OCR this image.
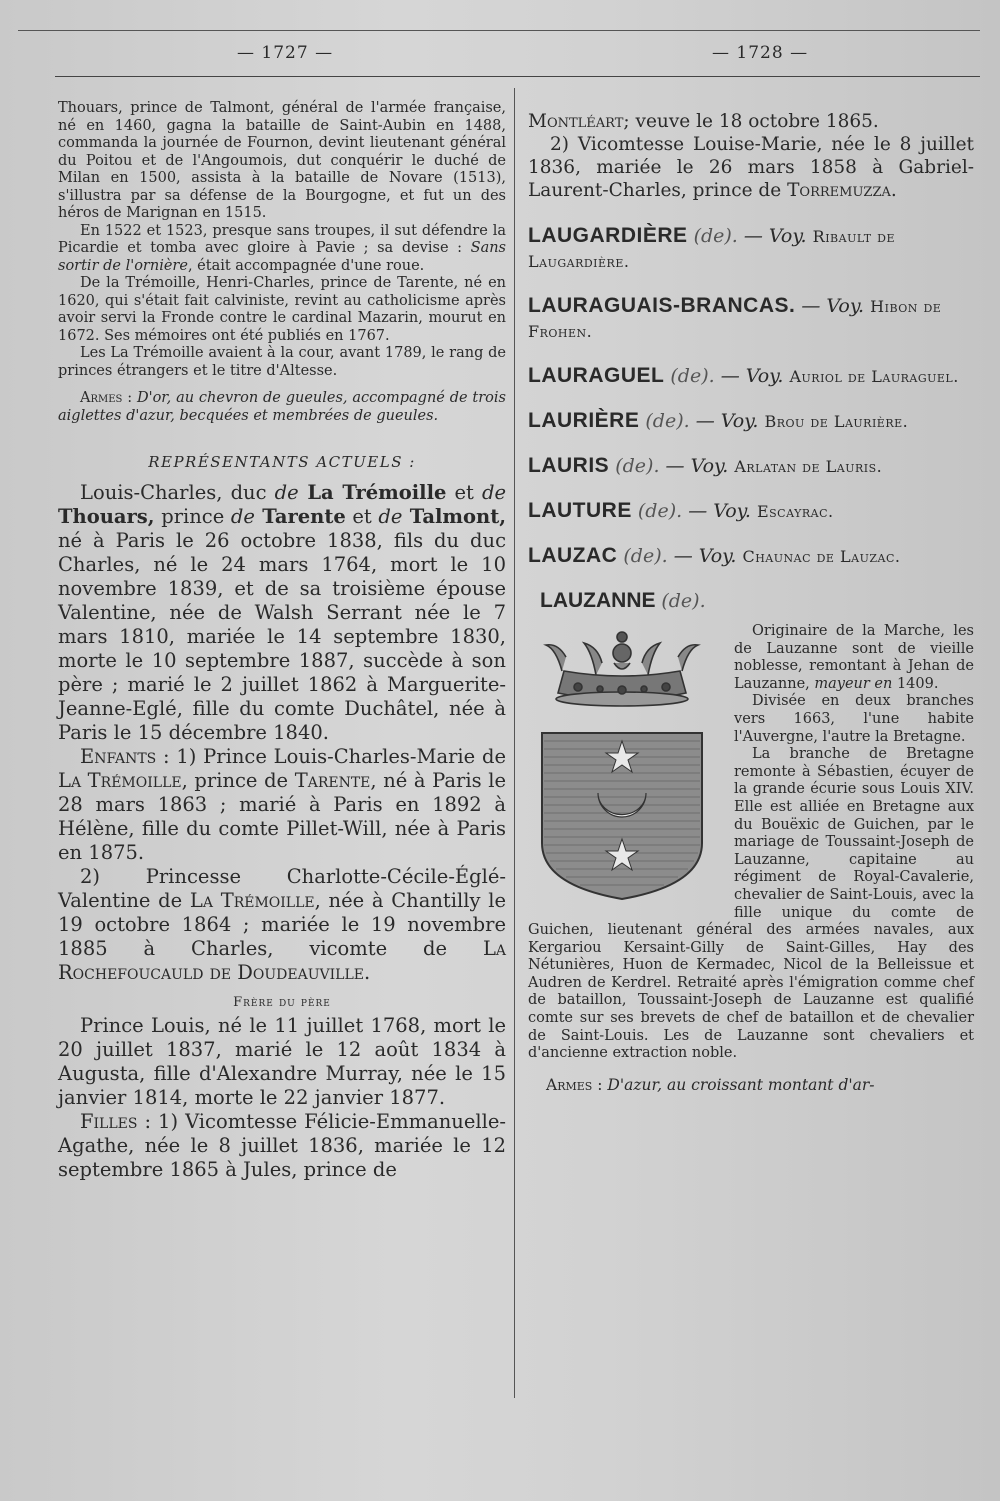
— 1727 —	— 1728 —

Thouars, prince de Talmont, général de l'armée française, né en 1460, gagna la bataille de Saint-Aubin en 1488, commanda la journée de Fournon, devint lieutenant général du Poitou et de l'Angoumois, dut conquérir le duché de Milan en 1500, assista à la bataille de Novare (1513), s'illustra par sa défense de la Bourgogne, et fut un des héros de Marignan en 1515.

En 1522 et 1523, presque sans troupes, il sut défendre la Picardie et tomba avec gloire à Pavie ; sa devise : Sans sortir de l'ornière, était accompagnée d'une roue.

De la Trémoille, Henri-Charles, prince de Tarente, né en 1620, qui s'était fait calviniste, revint au catholicisme après avoir servi la Fronde contre le cardinal Mazarin, mourut en 1672. Ses mémoires ont été publiés en 1767.

Les La Trémoille avaient à la cour, avant 1789, le rang de princes étrangers et le titre d'Altesse.

Armes : D'or, au chevron de gueules, accompagné de trois aiglettes d'azur, becquées et membrées de gueules.

REPRÉSENTANTS ACTUELS :

Louis-Charles, duc de La Trémoille et de Thouars, prince de Tarente et de Talmont, né à Paris le 26 octobre 1838, fils du duc Charles, né le 24 mars 1764, mort le 10 novembre 1839, et de sa troisième épouse Valentine, née de Walsh Serrant née le 7 mars 1810, mariée le 14 septembre 1830, morte le 10 septembre 1887, succède à son père ; marié le 2 juillet 1862 à Marguerite-Jeanne-Eglé, fille du comte Duchâtel, née à Paris le 15 décembre 1840.

Enfants : 1) Prince Louis-Charles-Marie de La Trémoille, prince de Tarente, né à Paris le 28 mars 1863 ; marié à Paris en 1892 à Hélène, fille du comte Pillet-Will, née à Paris en 1875.

2) Princesse Charlotte-Cécile-Églé-Valentine de La Trémoille, née à Chantilly le 19 octobre 1864 ; mariée le 19 novembre 1885 à Charles, vicomte de La Rochefoucauld de Doudeauville.

Frère du père

Prince Louis, né le 11 juillet 1768, mort le 20 juillet 1837, marié le 12 août 1834 à Augusta, fille d'Alexandre Murray, née le 15 janvier 1814, morte le 22 janvier 1877.

Filles : 1) Vicomtesse Félicie-Emmanuelle-Agathe, née le 8 juillet 1836, mariée le 12 septembre 1865 à Jules, prince de

Montléart; veuve le 18 octobre 1865.

2) Vicomtesse Louise-Marie, née le 8 juillet 1836, mariée le 26 mars 1858 à Gabriel-Laurent-Charles, prince de Torremuzza.

LAUGARDIÈRE (de). — Voy. Ribault de Laugardière.
LAURAGUAIS-BRANCAS. — Voy. Hibon de Frohen.
LAURAGUEL (de). — Voy. Auriol de Lauraguel.
LAURIÈRE (de). — Voy. Brou de Laurière.
LAURIS (de). — Voy. Arlatan de Lauris.
LAUTURE (de). — Voy. Escayrac.
LAUZAC (de). — Voy. Chaunac de Lauzac.
LAUZANNE (de).

Originaire de la Marche, les de Lauzanne sont de vieille noblesse, remontant à Jehan de Lauzanne, mayeur en 1409.

Divisée en deux branches vers 1663, l'une habite l'Auvergne, l'autre la Bretagne.

La branche de Bretagne remonte à Sébastien, écuyer de la grande écurie sous Louis XIV. Elle est alliée en Bretagne aux du Bouëxic de Guichen, par le mariage de Toussaint-Joseph de Lauzanne, capitaine au régiment de Royal-Cavalerie, chevalier de Saint-Louis, avec la fille unique du comte de Guichen, lieutenant général des armées navales, aux Kergariou Kersaint-Gilly de Saint-Gilles, Hay des Nétunières, Huon de Kermadec, Nicol de la Belleissue et Audren de Kerdrel. Retraité après l'émigration comme chef de bataillon, Toussaint-Joseph de Lauzanne est qualifié comte sur ses brevets de chef de bataillon et de chevalier de Saint-Louis. Les de Lauzanne sont chevaliers et d'ancienne extraction noble.

Armes : D'azur, au croissant montant d'ar-
